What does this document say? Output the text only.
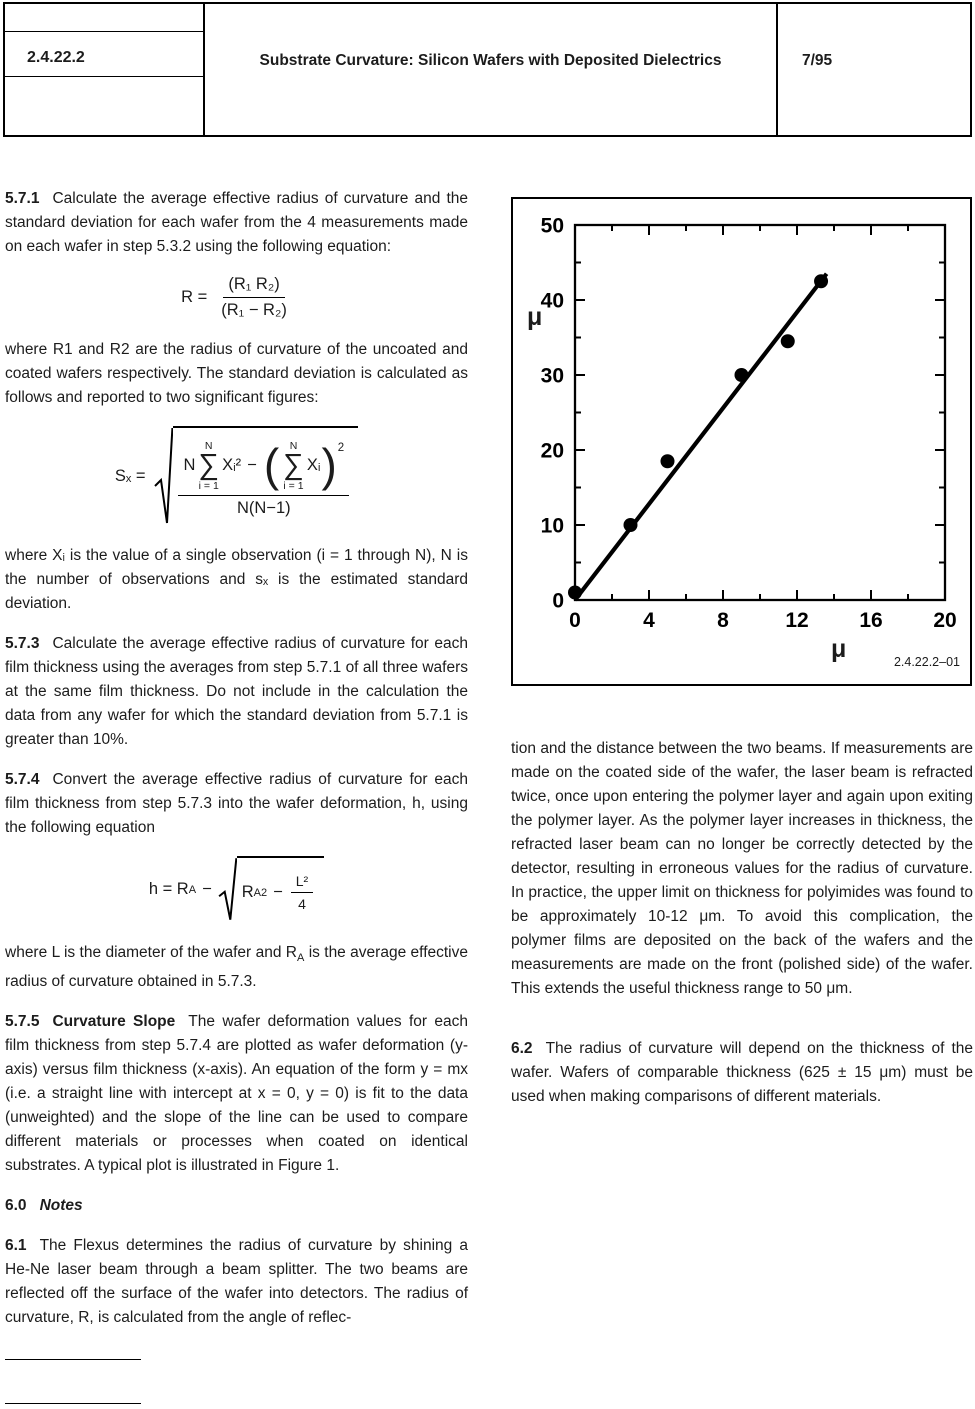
2.4.22.2	Substrate Curvature: Silicon Wafers with Deposited Dielectrics	7/95

5.7.1 Calculate the average effective radius of curvature and the standard deviation for each wafer from the 4 measurements made on each wafer in step 5.3.2 using the following equation:

$R = \frac{\text{(R₁ R₂)}}{\text{(R₁ − R₂)}}$

where R1 and R2 are the radius of curvature of the uncoated and coated wafers respectively. The standard deviation is calculated as follows and reported to two significant figures:

Sₓ =
N
N
∑
i = 1
Xᵢ² − ( N
∑
i = 1
Xᵢ ) 2
N(N−1)

where Xᵢ is the value of a single observation (i = 1 through N), N is the number of observations and sₓ is the estimated standard deviation.

5.7.3 Calculate the average effective radius of curvature for each film thickness using the averages from step 5.7.1 of all three wafers at the same film thickness. Do not include in the calculation the data from any wafer for which the standard deviation from 5.7.1 is greater than 10%.

5.7.4 Convert the average effective radius of curvature for each film thickness from step 5.7.3 into the wafer deformation, h, using the following equation

h = R A − R A $2 - \frac{\text{L²}}{4}$

where L is the diameter of the wafer and $R_A$ is the average effective radius of curvature obtained in 5.7.3.

5.7.5 Curvature Slope The wafer deformation values for each film thickness from step 5.7.4 are plotted as wafer deformation (y-axis) versus film thickness (x-axis). An equation of the form y = mx (i.e. a straight line with intercept at x = 0, y = 0) is fit to the data (unweighted) and the slope of the line can be used to compare different materials or processes when coated on identical substrates. A typical plot is illustrated in Figure 1.

6.0 Notes

6.1 The Flexus determines the radius of curvature by shining a He-Ne laser beam through a beam splitter. The two beams are reflected off the surface of the wafer into detectors. The radius of curvature, R, is calculated from the angle of reflec-

0	4	8	12 16 20
0
10
20
30
40
50
μ
μ	2.4.22.2–01

tion and the distance between the two beams. If measurements are made on the coated side of the wafer, the laser beam is refracted twice, once upon entering the polymer layer and again upon exiting the polymer layer. As the polymer layer increases in thickness, the refracted laser beam can no longer be correctly detected by the detector, resulting in erroneous values for the radius of curvature. In practice, the upper limit on thickness for polyimides was found to be approximately 10-12 μm. To avoid this complication, the polymer films are deposited on the back of the wafers and the measurements are made on the front (polished side) of the wafer. This extends the useful thickness range to 50 μm.

6.2 The radius of curvature will depend on the thickness of the wafer. Wafers of comparable thickness (625 ± 15 μm) must be used when making comparisons of different materials.
